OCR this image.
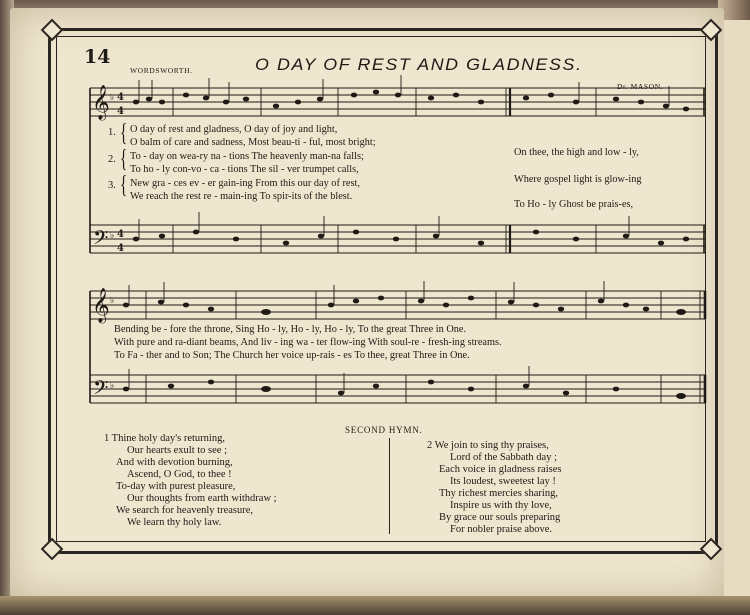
14	O DAY OF REST AND GLADNESS.
WORDSWORTH.
Dr. MASON.
𝄞
𝄢
♭ 4
4
♭ 4
4
1.
2.
3.
{
{
{
O day of rest and gladness, O day of joy and light,
O balm of care and sadness, Most beau-ti - ful, most bright;
To - day on wea-ry na - tions The heavenly man-na falls;
To ho - ly con-vo - ca - tions The sil - ver trumpet calls,
New gra - ces ev - er gain-ing From this our day of rest,
We reach the rest re - main-ing To spir-its of the blest.
On thee, the high and low - ly,
Where gospel light is glow-ing
To Ho - ly Ghost be prais-es,
𝄞
𝄢
♭
♭
Bending be - fore the throne, Sing Ho - ly, Ho - ly, Ho - ly, To the great Three in One.
With pure and ra-diant beams, And liv - ing wa - ter flow-ing With soul-re - fresh-ing streams.
To Fa - ther and to Son; The Church her voice up-rais - es To thee, great Three in One.
SECOND HYMN.
1 Thine holy day's returning,
Our hearts exult to see ;
And with devotion burning,
Ascend, O God, to thee !
To-day with purest pleasure,
Our thoughts from earth withdraw ;
We search for heavenly treasure,
We learn thy holy law.
2 We join to sing thy praises,
Lord of the Sabbath day ;
Each voice in gladness raises
Its loudest, sweetest lay !
Thy richest mercies sharing,
Inspire us with thy love,
By grace our souls preparing
For nobler praise above.
